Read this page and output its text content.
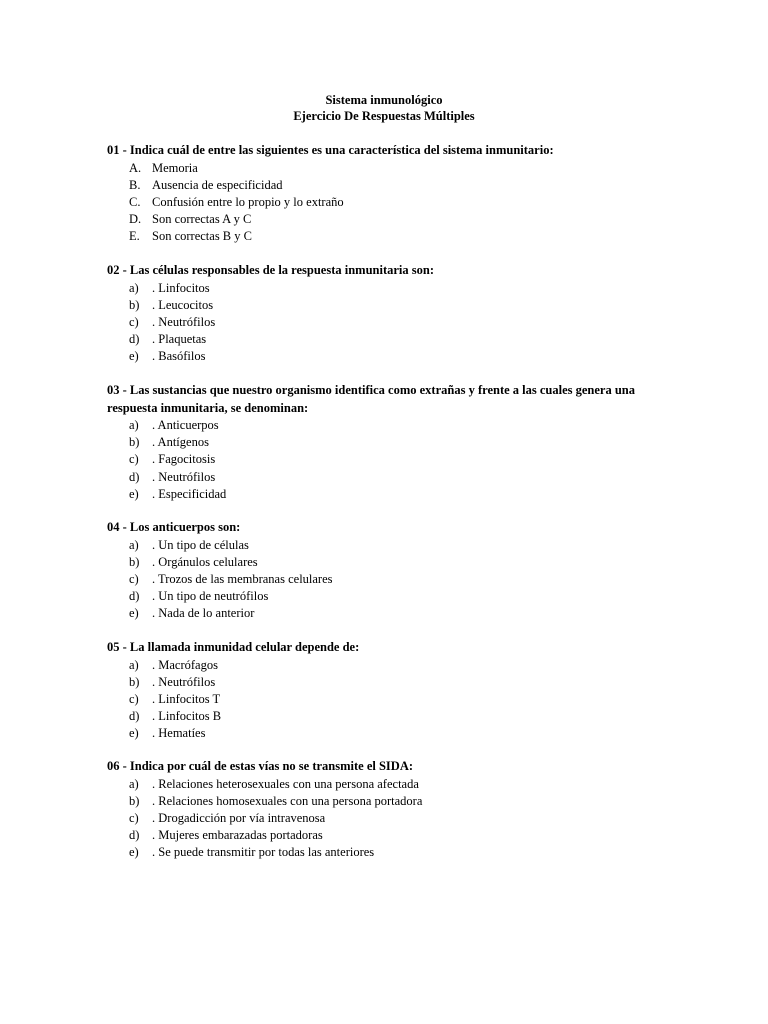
Sistema inmunológico
Ejercicio De Respuestas Múltiples

01 - Indica cuál de entre las siguientes es una característica del sistema inmunitario:

A. Memoria
B. Ausencia de especificidad
C. Confusión entre lo propio y lo extraño
D. Son correctas A y C
E. Son correctas B y C

02 - Las células responsables de la respuesta inmunitaria son:

a) . Linfocitos
b) . Leucocitos
c) . Neutrófilos
d) . Plaquetas
e) . Basófilos

03 - Las sustancias que nuestro organismo identifica como extrañas y frente a las cuales genera una respuesta inmunitaria, se denominan:

a) . Anticuerpos
b) . Antígenos
c) . Fagocitosis
d) . Neutrófilos
e) . Especificidad

04 - Los anticuerpos son:

a) . Un tipo de células
b) . Orgánulos celulares
c) . Trozos de las membranas celulares
d) . Un tipo de neutrófilos
e) . Nada de lo anterior

05 - La llamada inmunidad celular depende de:

a) . Macrófagos
b) . Neutrófilos
c) . Linfocitos T
d) . Linfocitos B
e) . Hematíes

06 - Indica por cuál de estas vías no se transmite el SIDA:

a) . Relaciones heterosexuales con una persona afectada
b) . Relaciones homosexuales con una persona portadora
c) . Drogadicción por vía intravenosa
d) . Mujeres embarazadas portadoras
e) . Se puede transmitir por todas las anteriores
